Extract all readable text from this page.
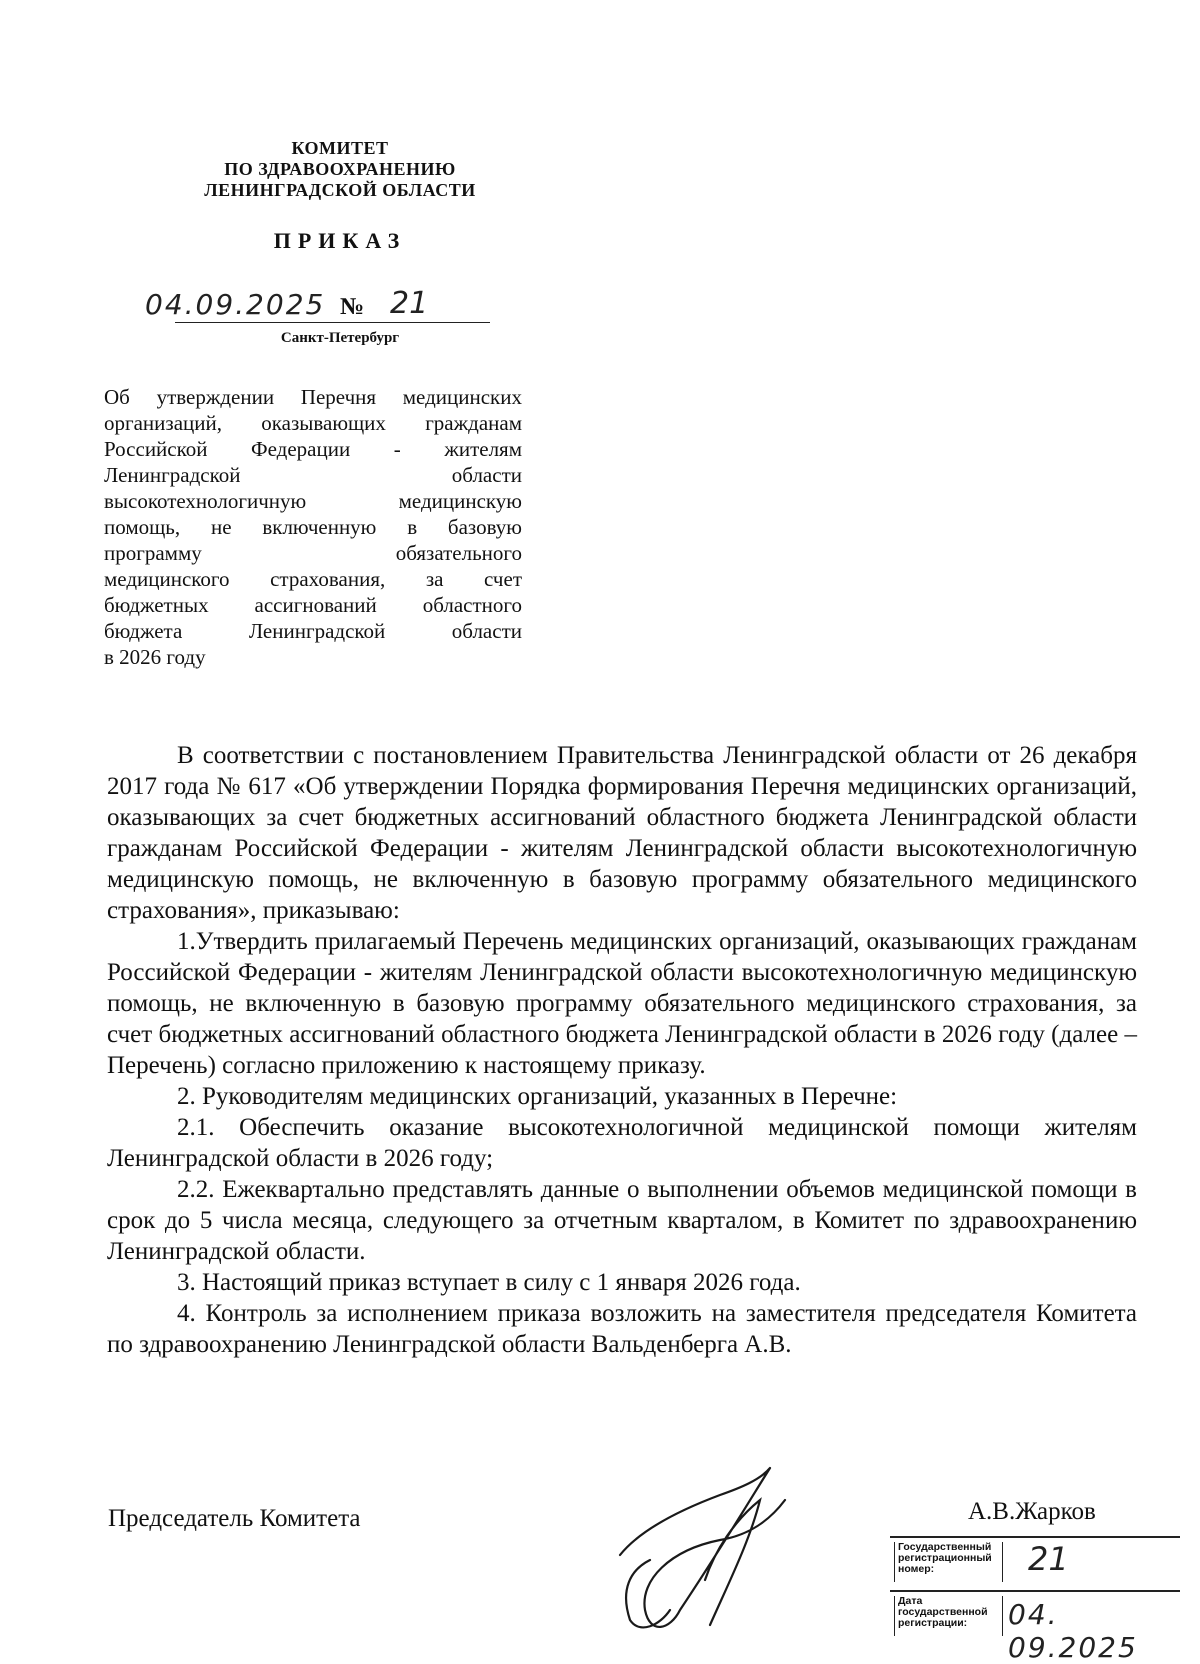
КОМИТЕТ
ПО ЗДРАВООХРАНЕНИЮ
ЛЕНИНГРАДСКОЙ ОБЛАСТИ
ПРИКАЗ
04.09.2025 № 21
Санкт-Петербург
Об утверждении Перечня медицинских
организаций, оказывающих гражданам
Российской Федерации - жителям
Ленинградской области
высокотехнологичную медицинскую
помощь, не включенную в базовую
программу обязательного
медицинского страхования, за счет
бюджетных ассигнований областного
бюджета Ленинградской области
в 2026 году

В соответствии с постановлением Правительства Ленинградской области от 26 декабря 2017 года № 617 «Об утверждении Порядка формирования Перечня медицинских организаций, оказывающих за счет бюджетных ассигнований областного бюджета Ленинградской области гражданам Российской Федерации - жителям Ленинградской области высокотехнологичную медицинскую помощь, не включенную в базовую программу обязательного медицинского страхования», приказываю:

1.Утвердить прилагаемый Перечень медицинских организаций, оказывающих гражданам Российской Федерации - жителям Ленинградской области высокотехнологичную медицинскую помощь, не включенную в базовую программу обязательного медицинского страхования, за счет бюджетных ассигнований областного бюджета Ленинградской области в 2026 году (далее – Перечень) согласно приложению к настоящему приказу.

2. Руководителям медицинских организаций, указанных в Перечне:

2.1. Обеспечить оказание высокотехнологичной медицинской помощи жителям Ленинградской области в 2026 году;

2.2. Ежеквартально представлять данные о выполнении объемов медицинской помощи в срок до 5 числа месяца, следующего за отчетным кварталом, в Комитет по здравоохранению Ленинградской области.

3. Настоящий приказ вступает в силу с 1 января 2026 года.

4. Контроль за исполнением приказа возложить на заместителя председателя Комитета по здравоохранению Ленинградской области Вальденберга А.В.

Председатель Комитета	А.В.Жарков
Государственный регистрационный номер:	21
Дата государственной регистрации:	04. 09.2025
